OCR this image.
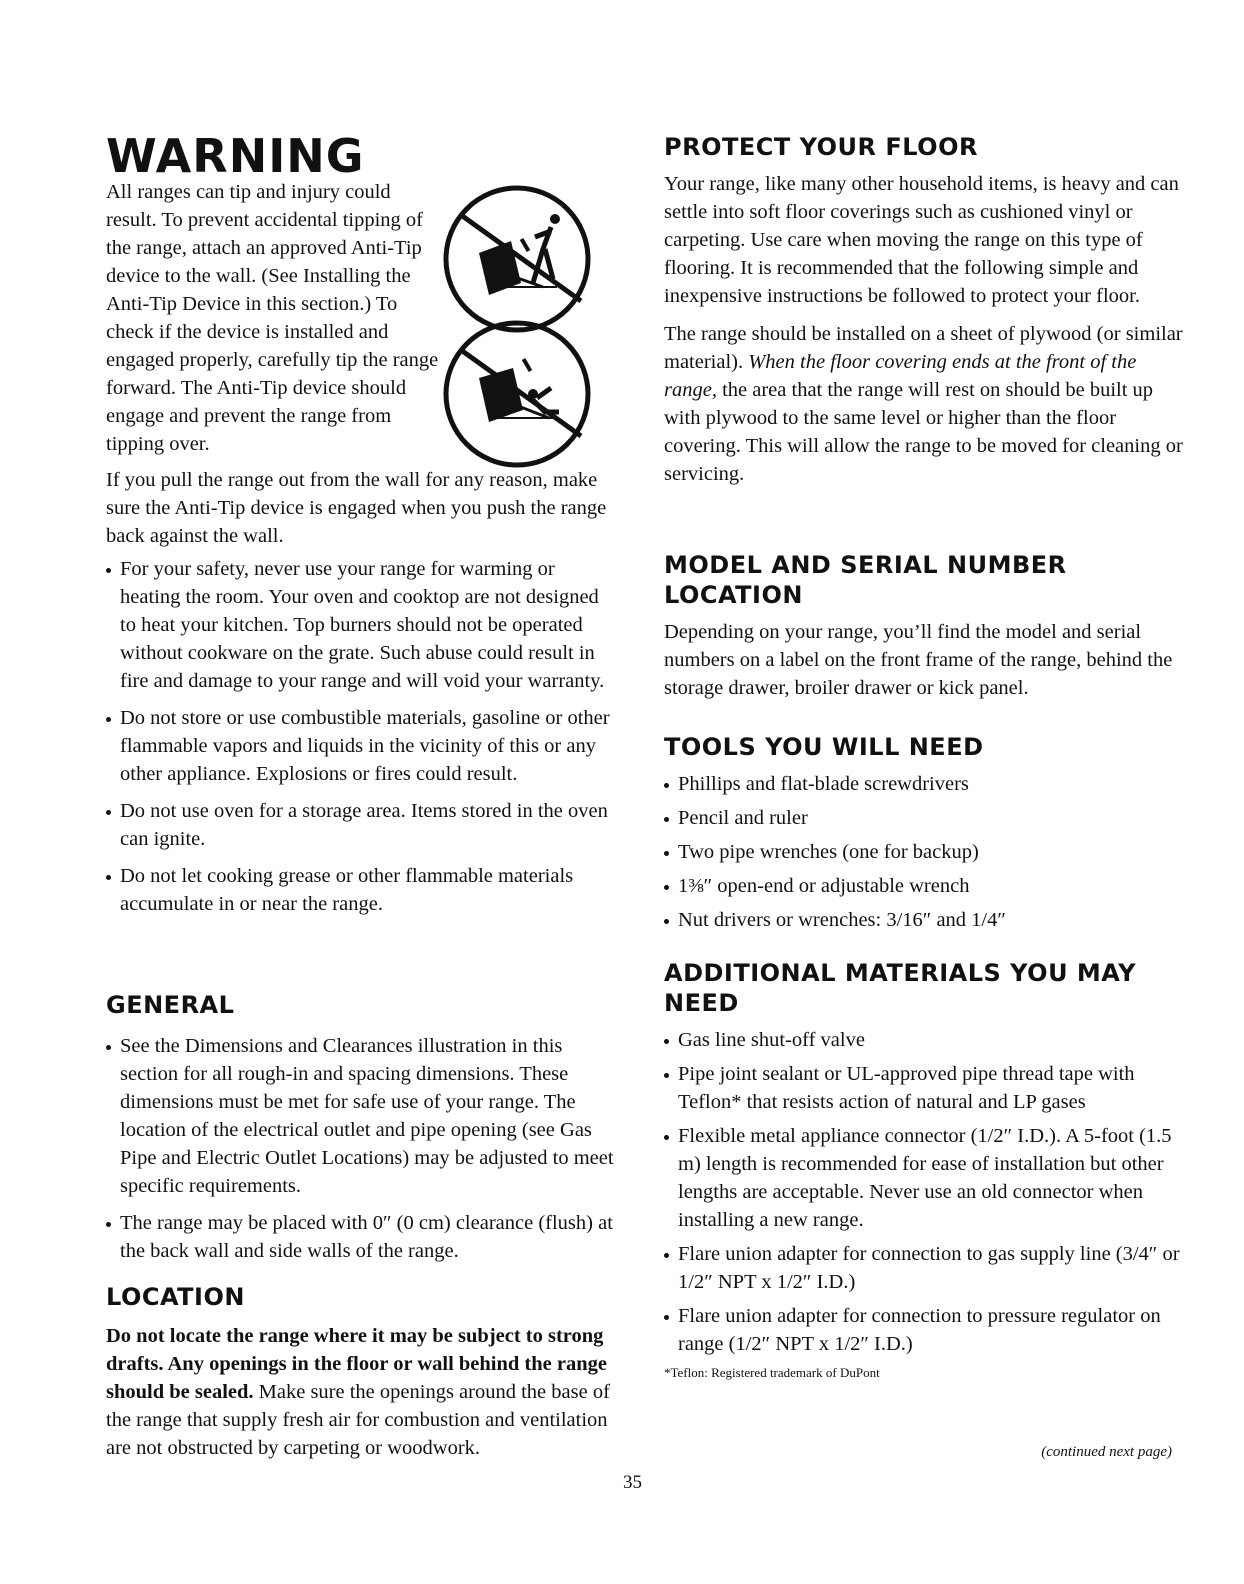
WARNING

All ranges can tip and injury could result. To prevent accidental tipping of the range, attach an approved Anti-Tip device to the wall. (See Installing the Anti-Tip Device in this section.) To check if the device is installed and engaged properly, carefully tip the range forward. The Anti-Tip device should engage and prevent the range from tipping over.

If you pull the range out from the wall for any reason, make sure the Anti-Tip device is engaged when you push the range back against the wall.

For your safety, never use your range for warming or heating the room. Your oven and cooktop are not designed to heat your kitchen. Top burners should not be operated without cookware on the grate. Such abuse could result in fire and damage to your range and will void your warranty.
Do not store or use combustible materials, gasoline or other flammable vapors and liquids in the vicinity of this or any other appliance. Explosions or fires could result.
Do not use oven for a storage area. Items stored in the oven can ignite.
Do not let cooking grease or other flammable materials accumulate in or near the range.
GENERAL
See the Dimensions and Clearances illustration in this section for all rough-in and spacing dimensions. These dimensions must be met for safe use of your range. The location of the electrical outlet and pipe opening (see Gas Pipe and Electric Outlet Locations) may be adjusted to meet specific requirements.
The range may be placed with 0″ (0 cm) clearance (flush) at the back wall and side walls of the range.
LOCATION

Do not locate the range where it may be subject to strong drafts. Any openings in the floor or wall behind the range should be sealed. Make sure the openings around the base of the range that supply fresh air for combustion and ventilation are not obstructed by carpeting or woodwork.

35
PROTECT YOUR FLOOR

Your range, like many other household items, is heavy and can settle into soft floor coverings such as cushioned vinyl or carpeting. Use care when moving the range on this type of flooring. It is recommended that the following simple and inexpensive instructions be followed to protect your floor.

The range should be installed on a sheet of plywood (or similar material). When the floor covering ends at the front of the range, the area that the range will rest on should be built up with plywood to the same level or higher than the floor covering. This will allow the range to be moved for cleaning or servicing.

MODEL AND SERIAL NUMBER LOCATION

Depending on your range, you’ll find the model and serial numbers on a label on the front frame of the range, behind the storage drawer, broiler drawer or kick panel.

TOOLS YOU WILL NEED
Phillips and flat-blade screwdrivers
Pencil and ruler
Two pipe wrenches (one for backup)
1⅜″ open-end or adjustable wrench
Nut drivers or wrenches: 3/16″ and 1/4″
ADDITIONAL MATERIALS YOU MAY NEED
Gas line shut-off valve
Pipe joint sealant or UL-approved pipe thread tape with Teflon* that resists action of natural and LP gases
Flexible metal appliance connector (1/2″ I.D.). A 5-foot (1.5 m) length is recommended for ease of installation but other lengths are acceptable. Never use an old connector when installing a new range.
Flare union adapter for connection to gas supply line (3/4″ or 1/2″ NPT x 1/2″ I.D.)
Flare union adapter for connection to pressure regulator on range (1/2″ NPT x 1/2″ I.D.)
*Teflon: Registered trademark of DuPont
(continued next page)
